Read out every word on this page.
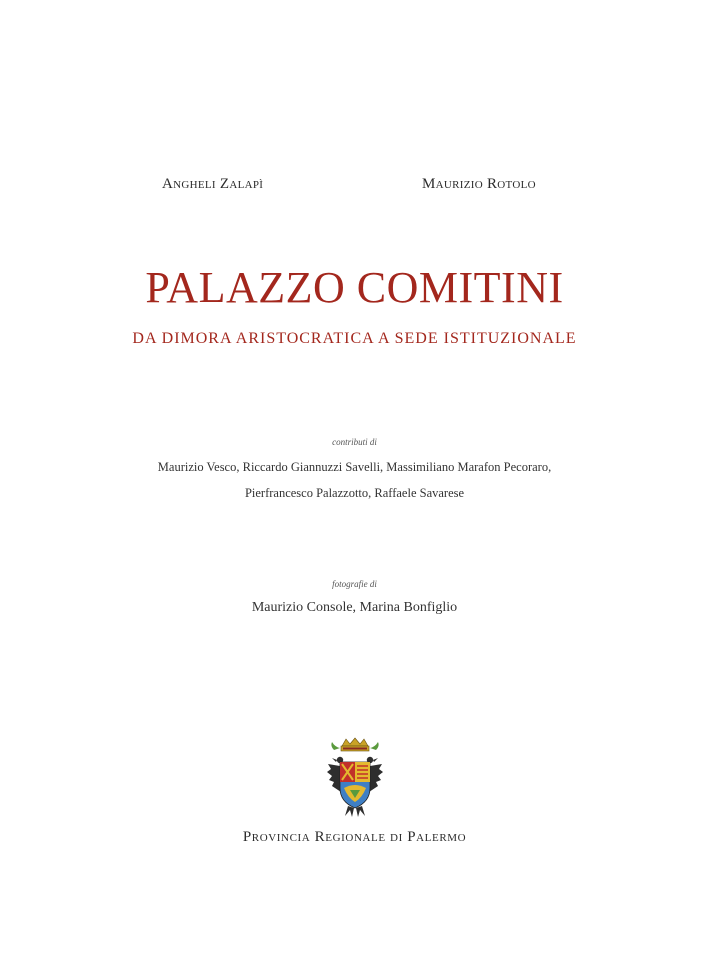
Angheli Zalapì	Maurizio Rotolo
PALAZZO COMITINI
DA DIMORA ARISTOCRATICA A SEDE ISTITUZIONALE
contributi di
Maurizio Vesco, Riccardo Giannuzzi Savelli, Massimiliano Marafon Pecoraro,
Pierfrancesco Palazzotto, Raffaele Savarese
fotografie di
Maurizio Console, Marina Bonfiglio
Provincia Regionale di Palermo
